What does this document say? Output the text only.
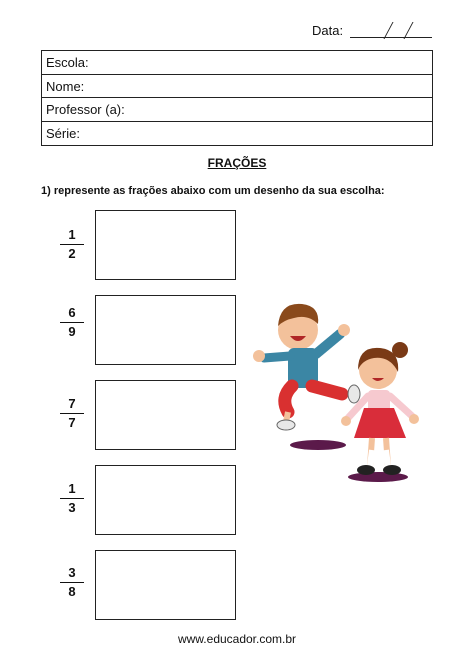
Data:
Escola:
Nome:
Professor (a):
Série:
FRAÇÕES
1) represente as frações abaixo com um desenho da sua escolha:
1
2
6
9
7
7
1
3
3
8
www.educador.com.br
